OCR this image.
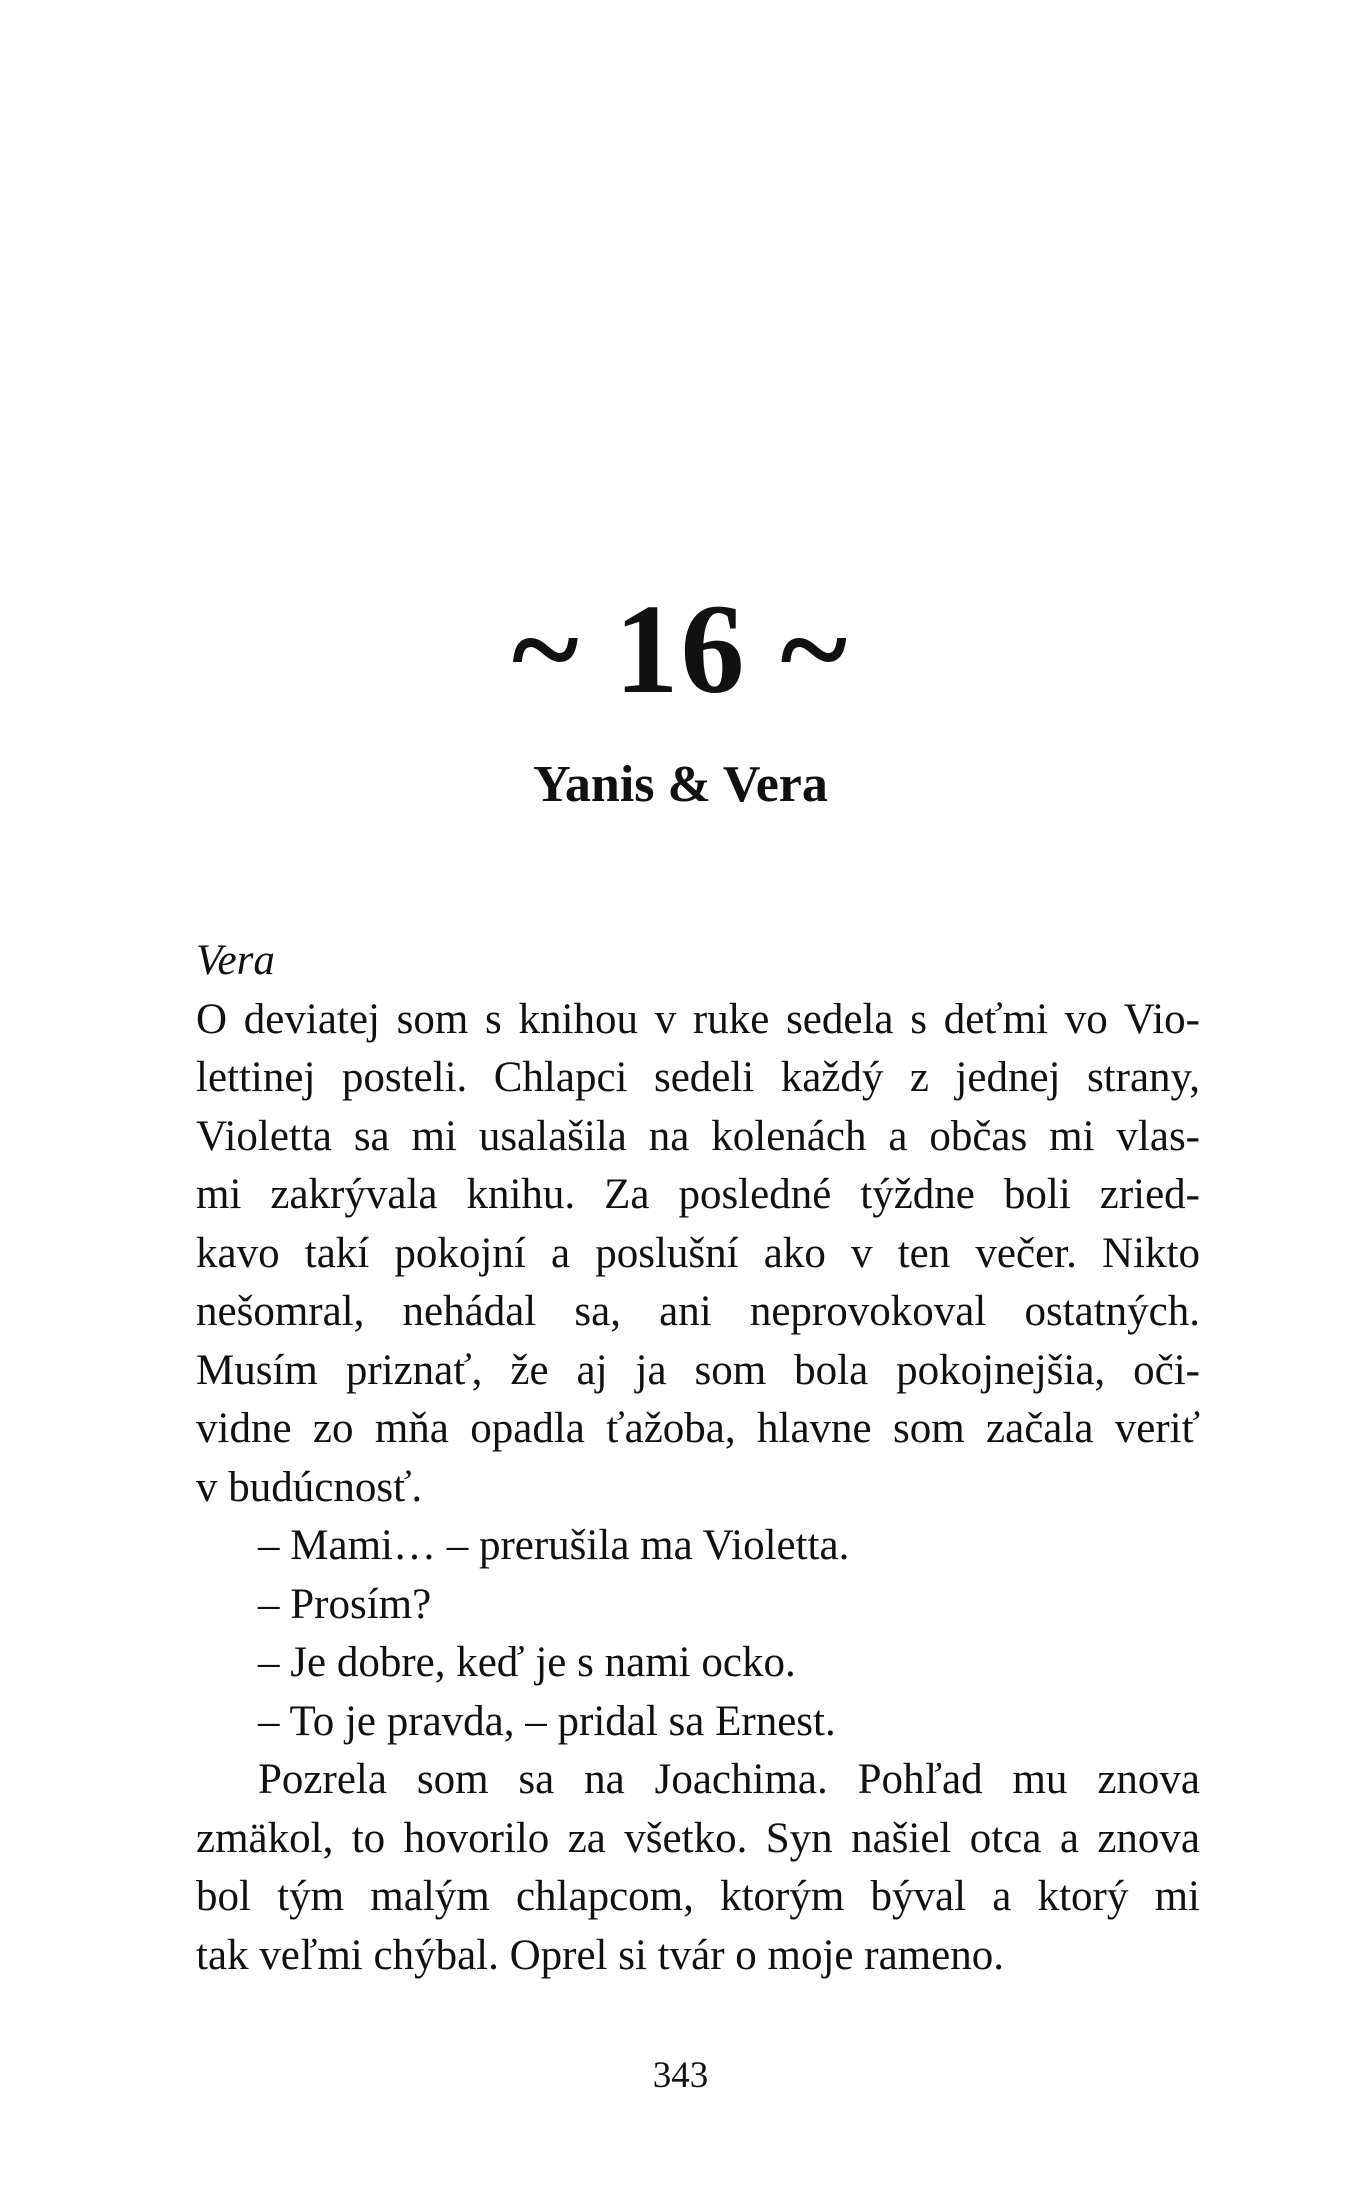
~ 16 ~
Yanis & Vera
Vera
O deviatej som s knihou v ruke sedela s deťmi vo Vio-
lettinej posteli. Chlapci sedeli každý z jednej strany,
Violetta sa mi usalašila na kolenách a občas mi vlas-
mi zakrývala knihu. Za posledné týždne boli zried-
kavo takí pokojní a poslušní ako v ten večer. Nikto
nešomral, nehádal sa, ani neprovokoval ostatných.
Musím priznať, že aj ja som bola pokojnejšia, oči-
vidne zo mňa opadla ťažoba, hlavne som začala veriť
v budúcnosť.
– Mami… – prerušila ma Violetta.
– Prosím?
– Je dobre, keď je s nami ocko.
– To je pravda, – pridal sa Ernest.
Pozrela som sa na Joachima. Pohľad mu znova
zmäkol, to hovorilo za všetko. Syn našiel otca a znova
bol tým malým chlapcom, ktorým býval a ktorý mi
tak veľmi chýbal. Oprel si tvár o moje rameno.
343
